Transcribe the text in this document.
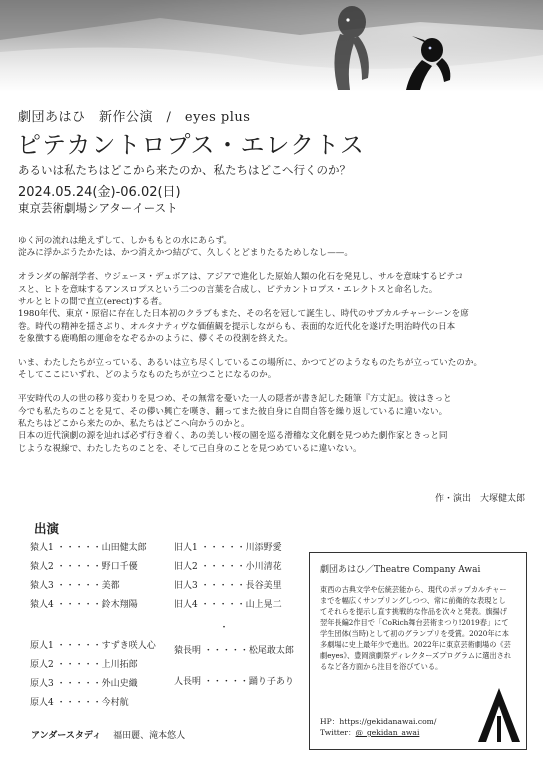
劇団あはひ　新作公演　/　eyes plus
ピテカントロプス・エレクトス
あるいは私たちはどこから来たのか、私たちはどこへ行くのか？
2024.05.24(金)-06.02(日)
東京芸術劇場シアターイースト

ゆく河の流れは絶えずして、しかももとの水にあらず。
淀みに浮かぶうたかたは、かつ消えかつ結びて、久しくとどまりたるためしなし——。

オランダの解剖学者、ウジェーヌ・デュボアは、アジアで進化した原始人類の化石を発見し、サルを意味するピテコ
スと、ヒトを意味するアンスロプスという二つの言葉を合成し、ピテカントロプス・エレクトスと命名した。
サルとヒトの間で直立(erect)する者。
1980年代、東京・原宿に存在した日本初のクラブもまた、その名を冠して誕生し、時代のサブカルチャーシーンを席
巻。時代の精神を揺さぶり、オルタナティヴな価値観を提示しながらも、表面的な近代化を遂げた明治時代の日本
を象徴する鹿鳴館の運命をなぞるかのように、儚くその役割を終えた。

いま、わたしたちが立っている、あるいは立ち尽くしているこの場所に、かつてどのようなものたちが立っていたのか。
そしてここにいずれ、どのようなものたちが立つことになるのか。

平安時代の人の世の移り変わりを見つめ、その無常を憂いた一人の隠者が書き記した随筆『方丈記』。彼はきっと
今でも私たちのことを見て、その儚い興亡を嘆き、翻ってまた彼自身に自問自答を繰り返しているに違いない。
私たちはどこから来たのか、私たちはどこへ向かうのかと。
日本の近代演劇の源を辿れば必ず行き着く、あの美しい桜の園を巡る滑稽な文化劇を見つめた劇作家ときっと同
じような視線で、わたしたちのことを、そして己自身のことを見つめているに違いない。

作・演出　大塚健太郎
出演
猿人1 ・・・・・山田健太郎
猿人2 ・・・・・野口千優
猿人3 ・・・・・美都
猿人4 ・・・・・鈴木翔陽
原人1 ・・・・・すずき咲人心
原人2 ・・・・・上川拓郎
原人3 ・・・・・外山史織
原人4 ・・・・・今村航
旧人1 ・・・・・川添野愛
旧人2 ・・・・・小川清花
旧人3 ・・・・・長谷美里
旧人4 ・・・・・山上晃二
・
猿長明 ・・・・・松尾敢太郎
人長明 ・・・・・踊り子あり
アンダースタディ 福田麗、滝本悠人
劇団あはひ／Theatre Company Awai
東西の古典文学や伝統芸能から、現代のポップカルチャーまでを幅広くサンプリングしつつ、常に前衛的な表現としてそれらを提示し直す挑戦的な作品を次々と発表。旗揚げ翌年長編2作目で「CoRich舞台芸術まつり!2019春」にて学生団体(当時)として初のグランプリを受賞。2020年に本多劇場に史上最年少で進出。2022年に東京芸術劇場の《芸劇eyes》、豊岡演劇祭ディレクターズプログラムに選出されるなど各方面から注目を浴びている。
HP：https://gekidanawai.com/
Twitter：@_gekidan_awai
